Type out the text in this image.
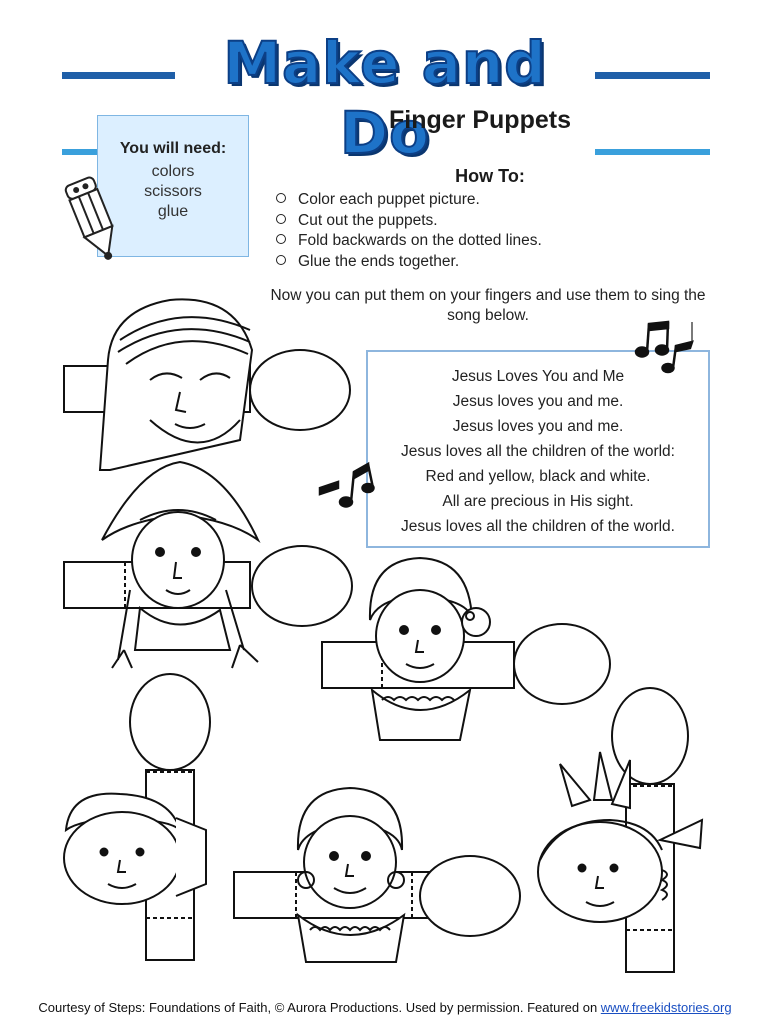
Make and Do
Finger Puppets
You will need:
colors
scissors
glue
How To:
Color each puppet picture.
Cut out the puppets.
Fold backwards on the dotted lines.
Glue the ends together.
Now you can put them on your fingers and use them to sing the song below.
Jesus Loves You and Me
Jesus loves you and me.
Jesus loves you and me.
Jesus loves all the children of the world:
Red and yellow, black and white.
All are precious in His sight.
Jesus loves all the children of the world.
Courtesy of Steps: Foundations of Faith, © Aurora Productions. Used by permission. Featured on www.freekidstories.org
